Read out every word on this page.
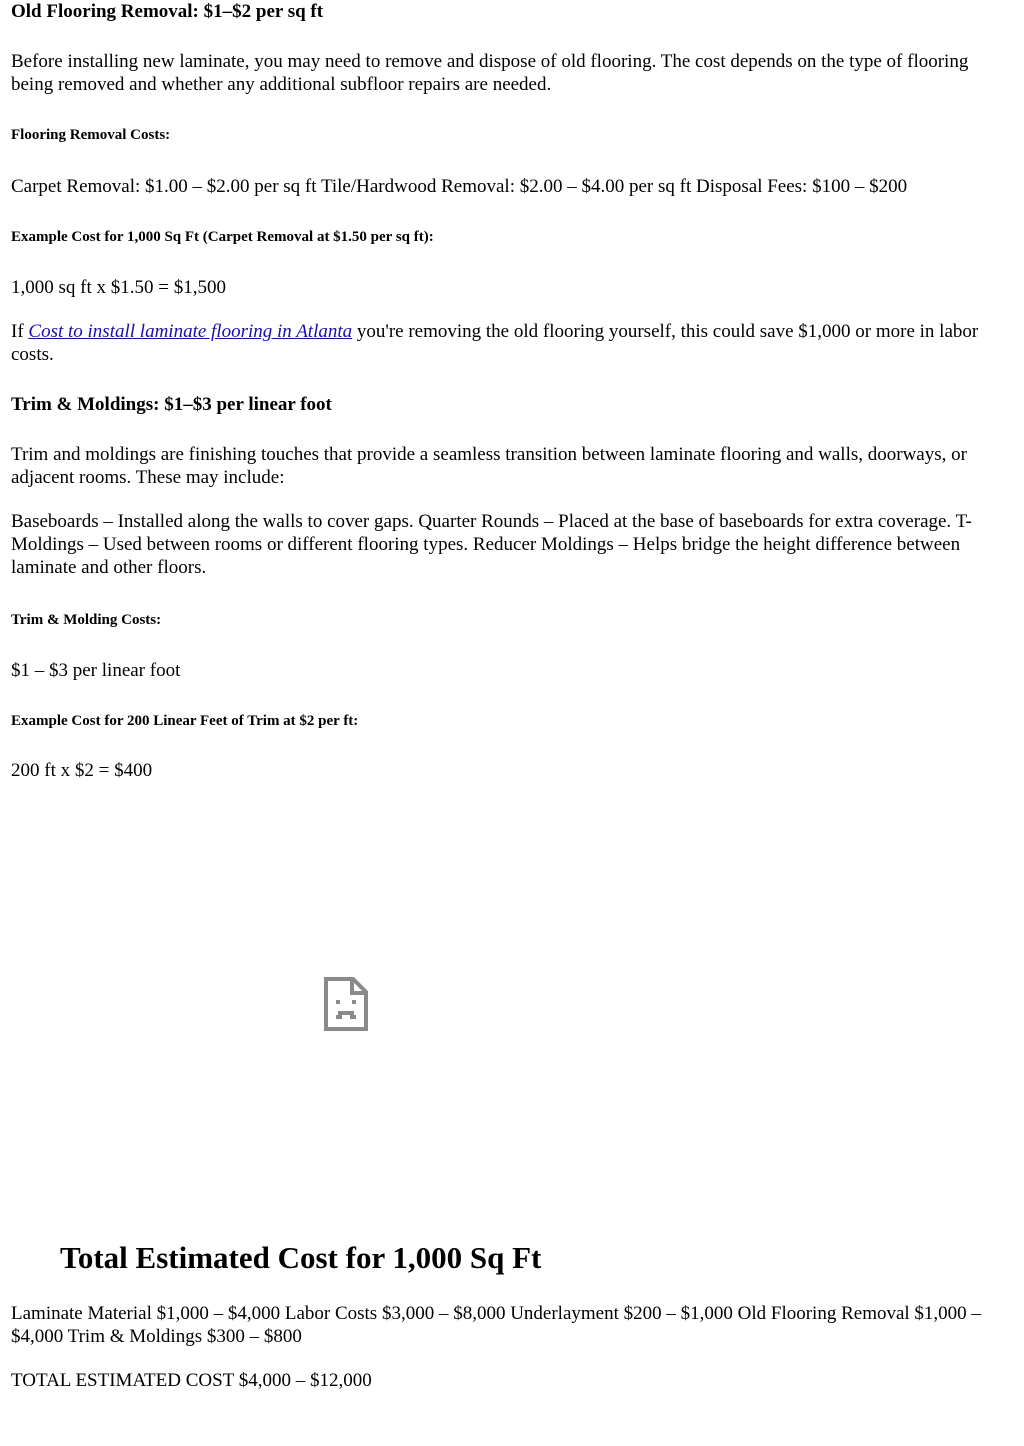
Old Flooring Removal: $1–$2 per sq ft

Before installing new laminate, you may need to remove and dispose of old flooring. The cost depends on the type of flooring being removed and whether any additional subfloor repairs are needed.

Flooring Removal Costs:

Carpet Removal: $1.00 – $2.00 per sq ft Tile/Hardwood Removal: $2.00 – $4.00 per sq ft Disposal Fees: $100 – $200

Example Cost for 1,000 Sq Ft (Carpet Removal at $1.50 per sq ft):

1,000 sq ft x $1.50 = $1,500

If Cost to install laminate flooring in Atlanta you're removing the old flooring yourself, this could save $1,000 or more in labor costs.

Trim & Moldings: $1–$3 per linear foot

Trim and moldings are finishing touches that provide a seamless transition between laminate flooring and walls, doorways, or adjacent rooms. These may include:

Baseboards – Installed along the walls to cover gaps. Quarter Rounds – Placed at the base of baseboards for extra coverage. T-Moldings – Used between rooms or different flooring types. Reducer Moldings – Helps bridge the height difference between laminate and other floors.

Trim & Molding Costs:

$1 – $3 per linear foot

Example Cost for 200 Linear Feet of Trim at $2 per ft:

200 ft x $2 = $400

Total Estimated Cost for 1,000 Sq Ft

Laminate Material $1,000 – $4,000 Labor Costs $3,000 – $8,000 Underlayment $200 – $1,000 Old Flooring Removal $1,000 – $4,000 Trim & Moldings $300 – $800

TOTAL ESTIMATED COST $4,000 – $12,000
